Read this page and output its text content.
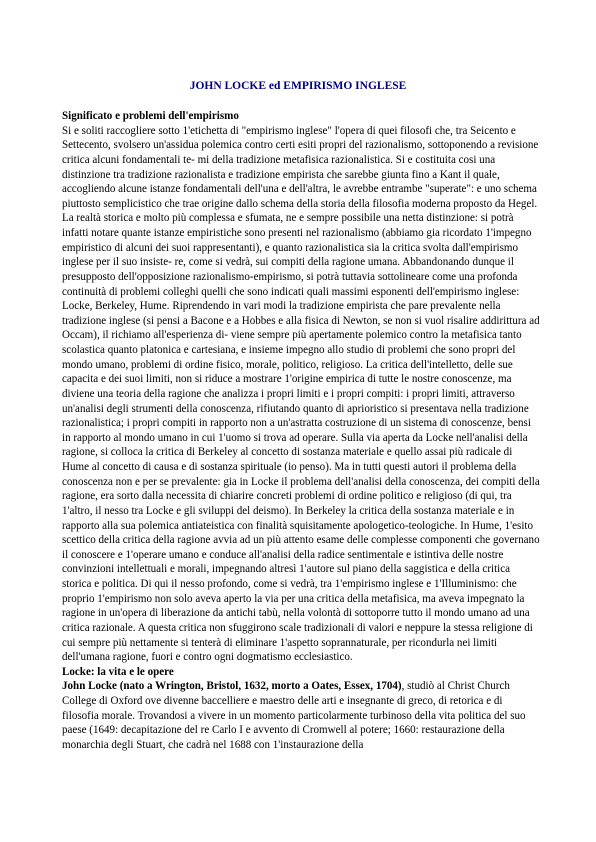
JOHN LOCKE ed EMPIRISMO INGLESE
Significato e problemi dell'empirismo
Si e soliti raccogliere sotto 1'etichetta di "empirismo inglese" l'opera di quei filosofi che, tra Seicento e Settecento, svolsero un'assidua polemica contro certi esiti propri del razionalismo, sottoponendo a revisione critica alcuni fondamentali te- mi della tradizione metafisica razionalistica. Si e costituita cosi una distinzione tra tradizione razionalista e tradizione empirista che sarebbe giunta fino a Kant il quale, accogliendo alcune istanze fondamentali dell'una e dell'altra, le avrebbe entrambe "superate": e uno schema piuttosto semplicistico che trae origine dallo schema della storia della filosofia moderna proposto da Hegel. La realtà storica e molto più complessa e sfumata, ne e sempre possibile una netta distinzione: si potrà infatti notare quante istanze empiristiche sono presenti nel razionalismo (abbiamo gia ricordato 1'impegno empiristico di alcuni dei suoi rappresentanti), e quanto razionalistica sia la critica svolta dall'empirismo inglese per il suo insiste- re, come si vedrà, sui compiti della ragione umana. Abbandonando dunque il presupposto dell'opposizione razionalismo-empirismo, si potrà tuttavia sottolineare come una profonda continuità di problemi colleghi quelli che sono indicati quali massimi esponenti dell'empirismo inglese: Locke, Berkeley, Hume. Riprendendo in vari modi la tradizione empirista che pare prevalente nella tradizione inglese (si pensi a Bacone e a Hobbes e alla fisica di Newton, se non si vuol risalire addirittura ad Occam), il richiamo all'esperienza di- viene sempre più apertamente polemico contro la metafisica tanto scolastica quanto platonica e cartesiana, e insieme impegno allo studio di problemi che sono propri del mondo umano, problemi di ordine fisico, morale, politico, religioso. La critica dell'intelletto, delle sue capacita e dei suoi limiti, non si riduce a mostrare 1'origine empirica di tutte le nostre conoscenze, ma diviene una teoria della ragione che analizza i propri limiti e i propri compiti: i propri limiti, attraverso un'analisi degli strumenti della conoscenza, rifiutando quanto di aprioristico si presentava nella tradizione razionalistica; i propri compiti in rapporto non a un'astratta costruzione di un sistema di conoscenze, bensi in rapporto al mondo umano in cui 1'uomo si trova ad operare. Sulla via aperta da Locke nell'analisi della ragione, si colloca la critica di Berkeley al concetto di sostanza materiale e quello assai più radicale di Hume al concetto di causa e di sostanza spirituale (io penso). Ma in tutti questi autori il problema della conoscenza non e per se prevalente: gia in Locke il problema dell'analisi della conoscenza, dei compiti della ragione, era sorto dalla necessita di chiarire concreti problemi di ordine politico e religioso (di qui, tra 1'altro, il nesso tra Locke e gli sviluppi del deismo). In Berkeley la critica della sostanza materiale e in rapporto alla sua polemica antiateistica con finalità squisitamente apologetico-teologiche. In Hume, 1'esito scettico della critica della ragione avvia ad un più attento esame delle complesse componenti che governano il conoscere e 1'operare umano e conduce all'analisi della radice sentimentale e istintiva delle nostre convinzioni intellettuali e morali, impegnando altresì 1'autore sul piano della saggistica e della critica storica e politica. Di qui il nesso profondo, come si vedrà, tra 1'empirismo inglese e 1'Illuminismo: che proprio 1'empirismo non solo aveva aperto la via per una critica della metafisica, ma aveva impegnato la ragione in un'opera di liberazione da antichi tabù, nella volontà di sottoporre tutto il mondo umano ad una critica razionale. A questa critica non sfuggirono scale tradizionali di valori e neppure la stessa religione di cui sempre più nettamente si tenterà di eliminare 1'aspetto soprannaturale, per ricondurla nei limiti dell'umana ragione, fuori e contro ogni dogmatismo ecclesiastico.
Locke: la vita e le opere
John Locke (nato a Wrington, Bristol, 1632, morto a Oates, Essex, 1704), studiò al Christ Church College di Oxford ove divenne baccelliere e maestro delle arti e insegnante di greco, di retorica e di filosofia morale. Trovandosi a vivere in un momento particolarmente turbinoso della vita politica del suo paese (1649: decapitazione del re Carlo I e avvento di Cromwell al potere; 1660: restaurazione della monarchia degli Stuart, che cadrà nel 1688 con 1'instaurazione della
